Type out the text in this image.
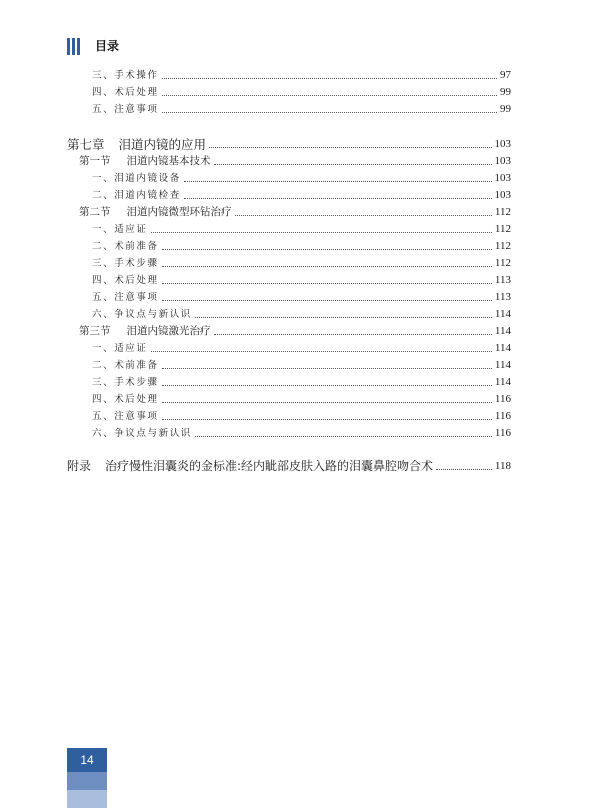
目录
三、手术操作	97
四、术后处理	99
五、注意事项	99
第七章 泪道内镜的应用	103
第一节 泪道内镜基本技术	103
一、泪道内镜设备	103
二、泪道内镜检查	103
第二节 泪道内镜微型环钻治疗	112
一、适应证	112
二、术前准备	112
三、手术步骤	112
四、术后处理	113
五、注意事项	113
六、争议点与新认识	114
第三节 泪道内镜激光治疗	114
一、适应证	114
二、术前准备	114
三、手术步骤	114
四、术后处理	116
五、注意事项	116
六、争议点与新认识	116
附录 治疗慢性泪囊炎的金标准:经内眦部皮肤入路的泪囊鼻腔吻合术	118
14
